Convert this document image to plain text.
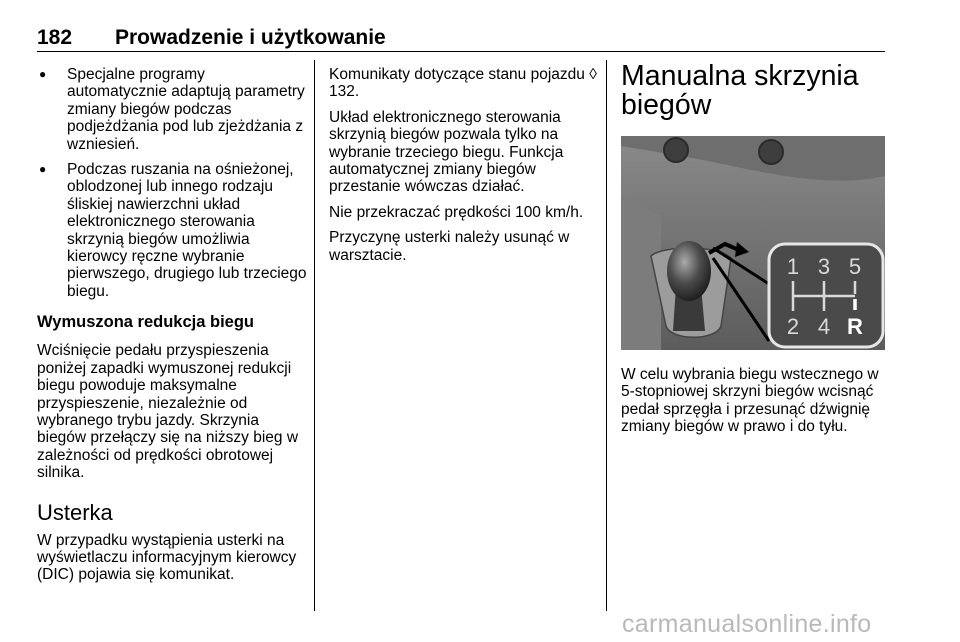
182 Prowadzenie i użytkowanie
● Specjalne programy automatycznie adaptują parametry zmiany biegów podczas podjeżdżania pod lub zjeżdżania z wzniesień.
● Podczas ruszania na ośnieżonej, oblodzonej lub innego rodzaju śliskiej nawierzchni układ elektronicznego sterowania skrzynią biegów umożliwia kierowcy ręczne wybranie pierwszego, drugiego lub trzeciego biegu.
Wymuszona redukcja biegu

Wciśnięcie pedału przyspieszenia poniżej zapadki wymuszonej redukcji biegu powoduje maksymalne przyspieszenie, niezależnie od wybranego trybu jazdy. Skrzynia biegów przełączy się na niższy bieg w zależności od prędkości obrotowej silnika.

Usterka

W przypadku wystąpienia usterki na wyświetlaczu informacyjnym kierowcy (DIC) pojawia się komunikat.

Komunikaty dotyczące stanu pojazdu ◊ 132.

Układ elektronicznego sterowania skrzynią biegów pozwala tylko na wybranie trzeciego biegu. Funkcja automatycznej zmiany biegów przestanie wówczas działać.

Nie przekraczać prędkości 100 km/h.

Przyczynę usterki należy usunąć w warsztacie.

Manualna skrzynia biegów
1 3 5
2 4 R

W celu wybrania biegu wstecznego w 5-stopniowej skrzyni biegów wcisnąć pedał sprzęgła i przesunąć dźwignię zmiany biegów w prawo i do tyłu.

carmanualsonline.info
